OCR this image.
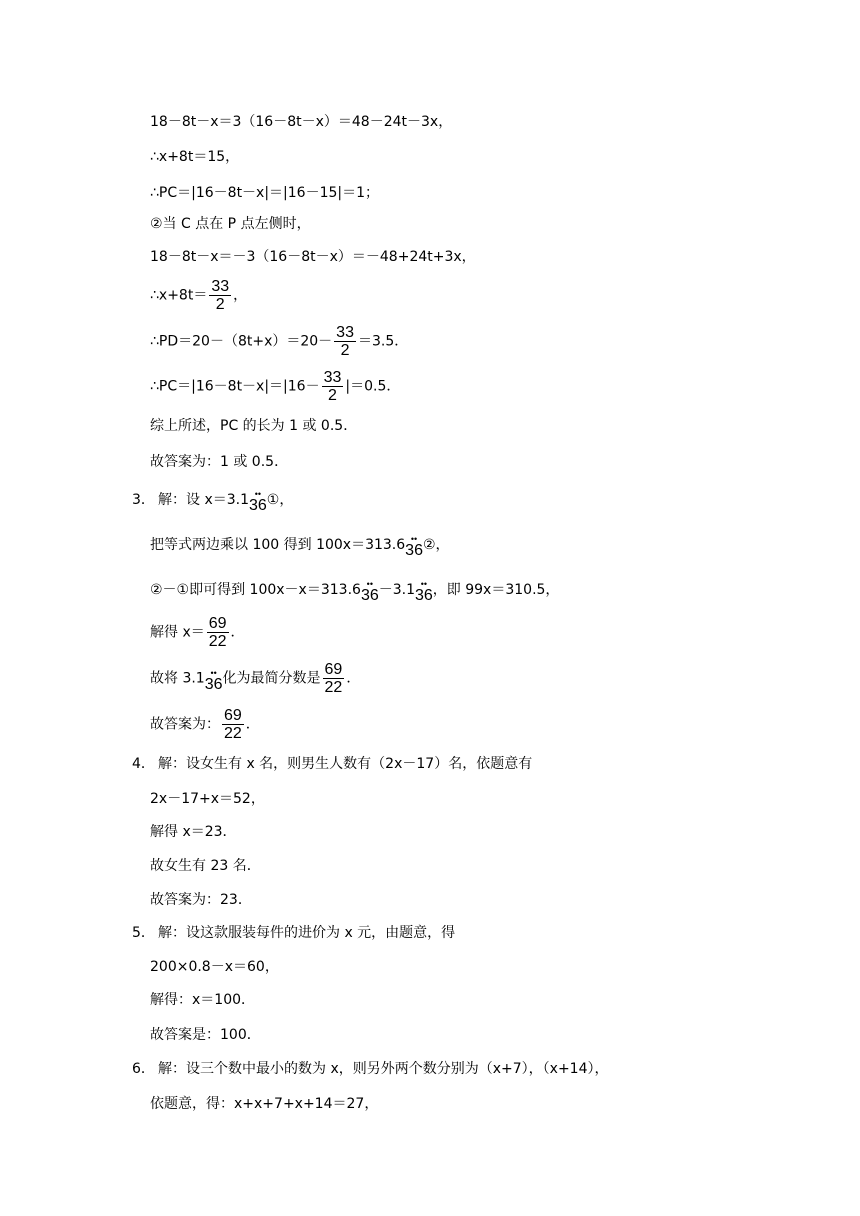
18－8t－x＝3（16－8t－x）＝48－24t－3x，
∴x+8t＝15，
∴PC＝|16－8t－x|＝|16－15|＝1；
②当 C 点在 P 点左侧时，
18－8t－x＝－3（16－8t－x）＝－48+24t+3x，
∴x+8t＝ $\frac{33}{2}$ ，
∴PD＝20－（8t+x）＝20－ $\frac{33}{2} =3.5$．
∴PC＝|16－8t－x|＝|16－ $\frac{33}{2} |=0.5$．
综上所述，PC 的长为 1 或 0.5．
故答案为：1 或 0.5．
3． 解：设 x＝3.1 ••
36①，
把等式两边乘以 100 得到 100x＝313.6 ••
36②，
②－①即可得到 100x－x＝313.6 ••
36－3.1 ••
36，即 99x＝310.5，
解得 $x= \frac{69}{22}$ ．
故将 3.1 ••
36化为最简分数是 $\frac{69}{22}$ ．
故答案为： $\frac{69}{22}$ ．
4． 解：设女生有 x 名，则男生人数有（2x－17）名，依题意有
2x－17+x＝52，
解得 x＝23．
故女生有 23 名．
故答案为：23．
5． 解：设这款服装每件的进价为 x 元，由题意，得
200×0.8－x＝60，
解得：x＝100．
故答案是：100．
6． 解：设三个数中最小的数为 x，则另外两个数分别为（x+7），（x+14），
依题意，得：x+x+7+x+14＝27，
